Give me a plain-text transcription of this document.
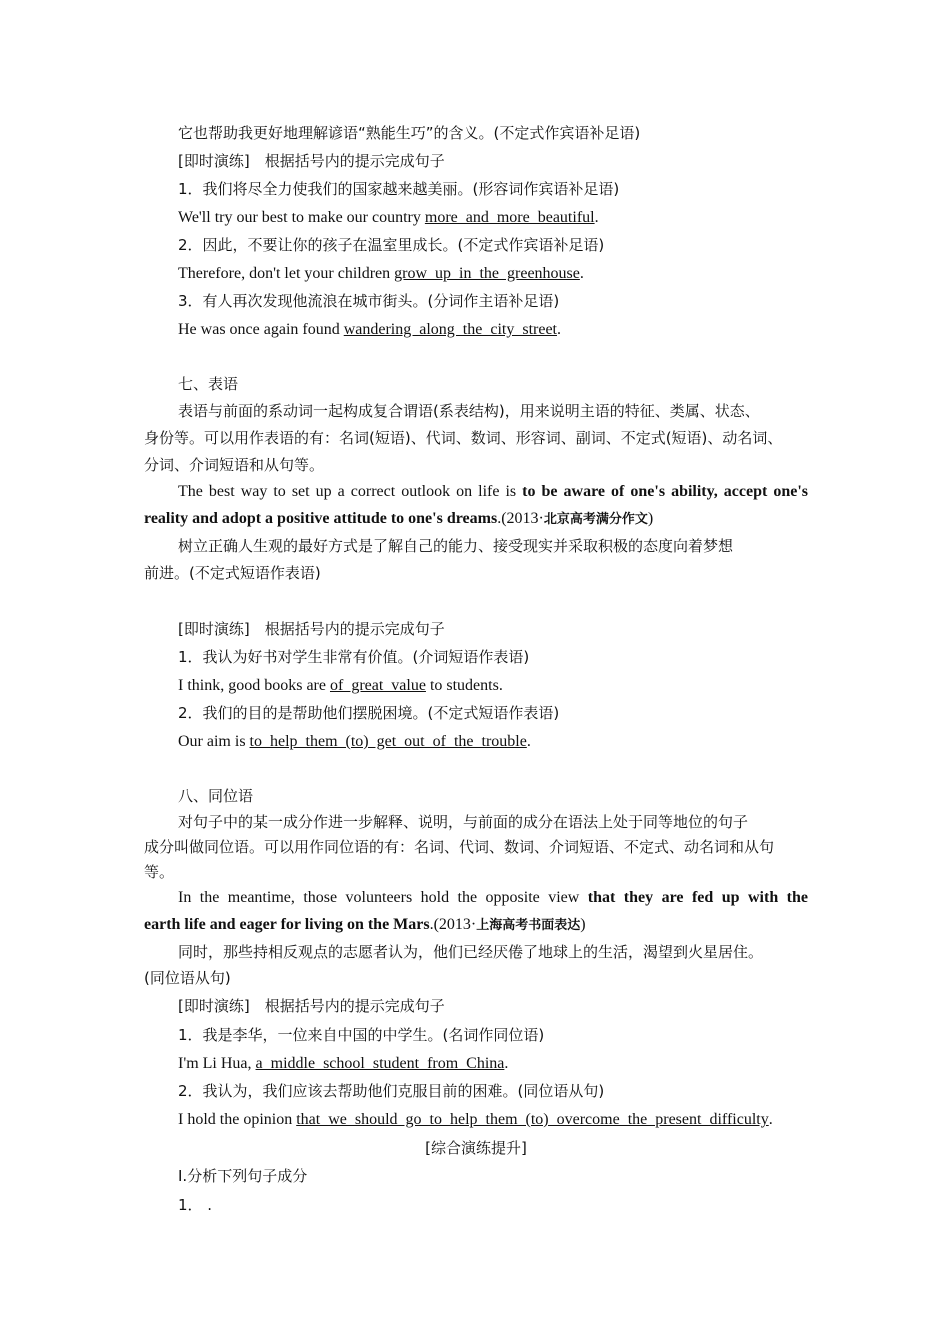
它也帮助我更好地理解谚语“熟能生巧”的含义。(不定式作宾语补足语)
[即时演练]　 根据括号内的提示完成句子
1．我们将尽全力使我们的国家越来越美丽。(形容词作宾语补足语)
We'll try our best to make our country more and more beautiful.
2．因此，不要让你的孩子在温室里成长。(不定式作宾语补足语)
Therefore, don't let your children grow up in the greenhouse.
3．有人再次发现他流浪在城市街头。(分词作主语补足语)
He was once again found wandering along the city street.
七、表语
表语与前面的系动词一起构成复合谓语(系表结构)，用来说明主语的特征、类属、状态、
身份等。可以用作表语的有：名词(短语)、代词、数词、形容词、副词、不定式(短语)、动名词、
分词、介词短语和从句等。
The best way to set up a correct outlook on life is to be aware of one's ability, accept one's
reality and adopt a positive attitude to one's dreams.(2013·北京高考满分作文)
树立正确人生观的最好方式是了解自己的能力、接受现实并采取积极的态度向着梦想
前进。(不定式短语作表语)
[即时演练]　 根据括号内的提示完成句子
1．我认为好书对学生非常有价值。(介词短语作表语)
I think, good books are of great value to students.
2．我们的目的是帮助他们摆脱困境。(不定式短语作表语)
Our aim is to help them (to) get out of the trouble.
八、同位语
对句子中的某一成分作进一步解释、说明，与前面的成分在语法上处于同等地位的句子
成分叫做同位语。可以用作同位语的有：名词、代词、数词、介词短语、不定式、动名词和从句
等。
In the meantime, those volunteers hold the opposite view that they are fed up with the
earth life and eager for living on the Mars.(2013·上海高考书面表达)
同时，那些持相反观点的志愿者认为，他们已经厌倦了地球上的生活，渴望到火星居住。
(同位语从句)
[即时演练]　 根据括号内的提示完成句子
1．我是李华，一位来自中国的中学生。(名词作同位语)
I'm Li Hua, a middle school student from China.
2．我认为，我们应该去帮助他们克服目前的困难。(同位语从句)
I hold the opinion that we should go to help them (to) overcome the present difficulty.
[综合演练提升]
Ⅰ.分析下列句子成分
1． .
